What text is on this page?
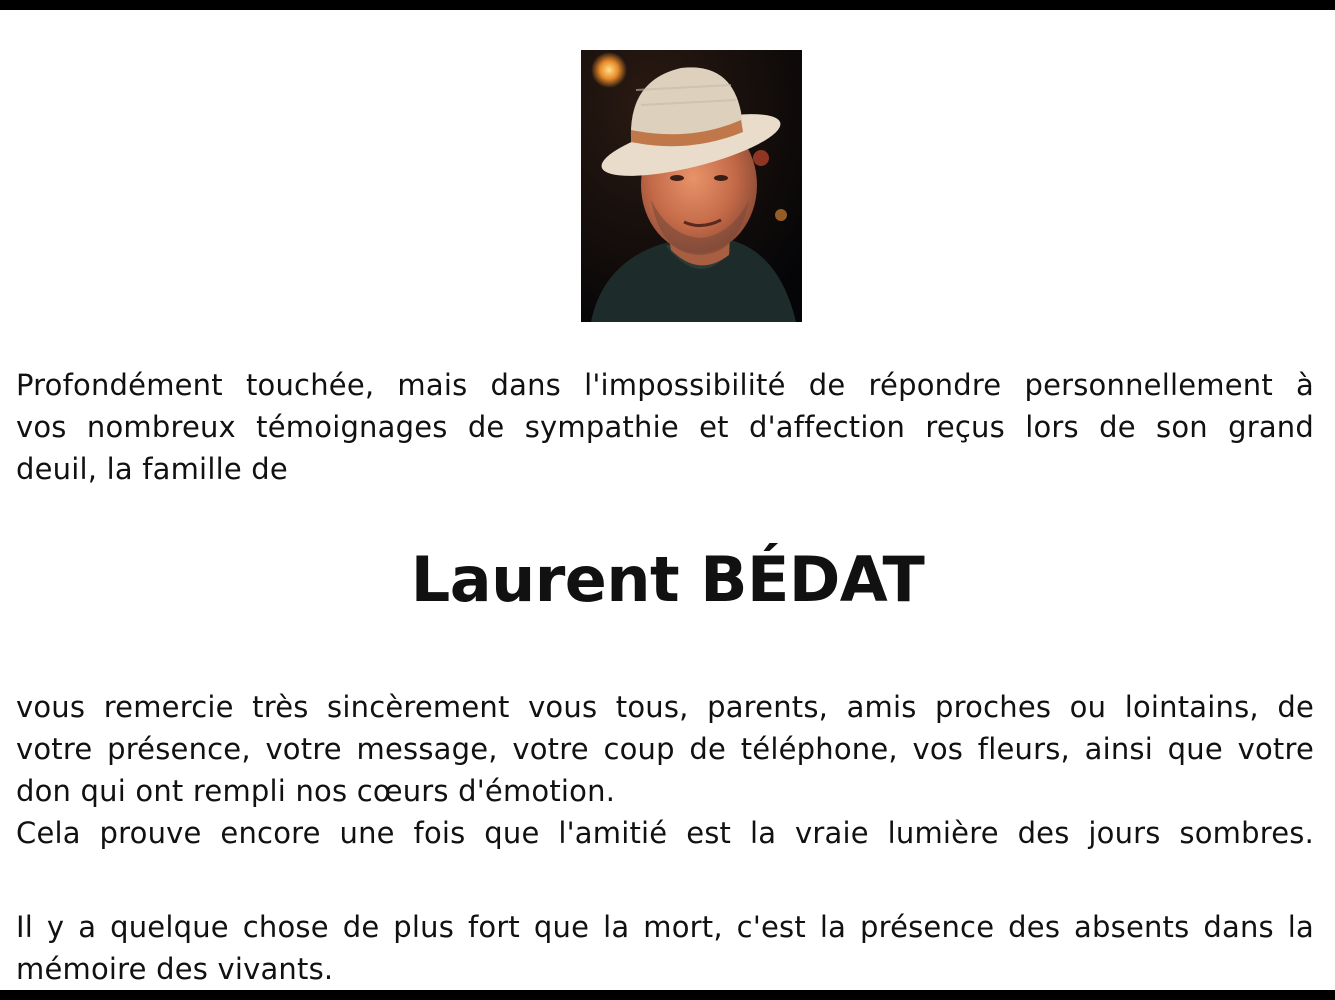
Profondément touchée, mais dans l'impossibilité de répondre personnellement à
vos nombreux témoignages de sympathie et d'affection reçus lors de son grand
deuil, la famille de
Laurent BÉDAT
vous remercie très sincèrement vous tous, parents, amis proches ou lointains, de
votre présence, votre message, votre coup de téléphone, vos fleurs, ainsi que votre
don qui ont rempli nos cœurs d'émotion.
Cela prouve encore une fois que l'amitié est la vraie lumière des jours sombres.
Il y a quelque chose de plus fort que la mort, c'est la présence des absents dans la
mémoire des vivants.
